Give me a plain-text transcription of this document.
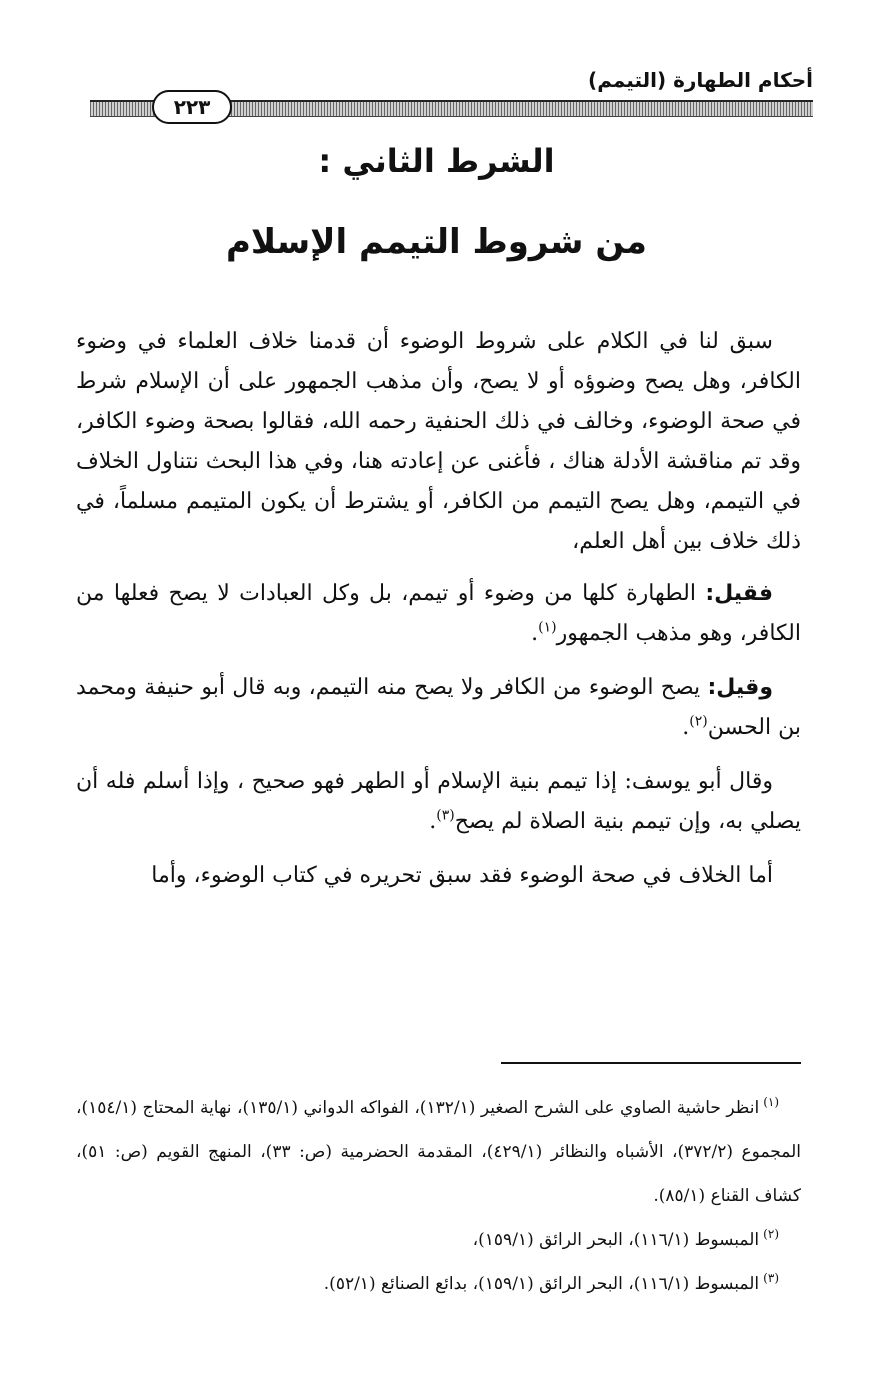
أحكام الطهارة (التيمم)
٢٢٣
الشرط الثاني :
من شروط التيمم الإسلام

سبق لنا في الكلام على شروط الوضوء أن قدمنا خلاف العلماء في وضوء الكافر، وهل يصح وضوؤه أو لا يصح، وأن مذهب الجمهور على أن الإسلام شرط في صحة الوضوء، وخالف في ذلك الحنفية رحمه الله، فقالوا بصحة وضوء الكافر، وقد تم مناقشة الأدلة هناك ، فأغنى عن إعادته هنا، وفي هذا البحث نتناول الخلاف في التيمم، وهل يصح التيمم من الكافر، أو يشترط أن يكون المتيمم مسلماً، في ذلك خلاف بين أهل العلم،

فقيل: الطهارة كلها من وضوء أو تيمم، بل وكل العبادات لا يصح فعلها من الكافر، وهو مذهب الجمهور$^{(١)}$.

وقيل: يصح الوضوء من الكافر ولا يصح منه التيمم، وبه قال أبو حنيفة ومحمد بن الحسن$^{(٢)}$.

وقال أبو يوسف: إذا تيمم بنية الإسلام أو الطهر فهو صحيح ، وإذا أسلم فله أن يصلي به، وإن تيمم بنية الصلاة لم يصح$^{(٣)}$.

أما الخلاف في صحة الوضوء فقد سبق تحريره في كتاب الوضوء، وأما

$^{(١)}$انظر حاشية الصاوي على الشرح الصغير (١٣٢/١)، الفواكه الدواني (١٣٥/١)، نهاية المحتاج (١٥٤/١)، المجموع (٣٧٢/٢)، الأشباه والنظائر (٤٢٩/١)، المقدمة الحضرمية (ص: ٣٣)، المنهج القويم (ص: ٥١)، كشاف القناع (٨٥/١).

$^{(٢)}$المبسوط (١١٦/١)، البحر الرائق (١٥٩/١)،

$^{(٣)}$المبسوط (١١٦/١)، البحر الرائق (١٥٩/١)، بدائع الصنائع (٥٢/١).
